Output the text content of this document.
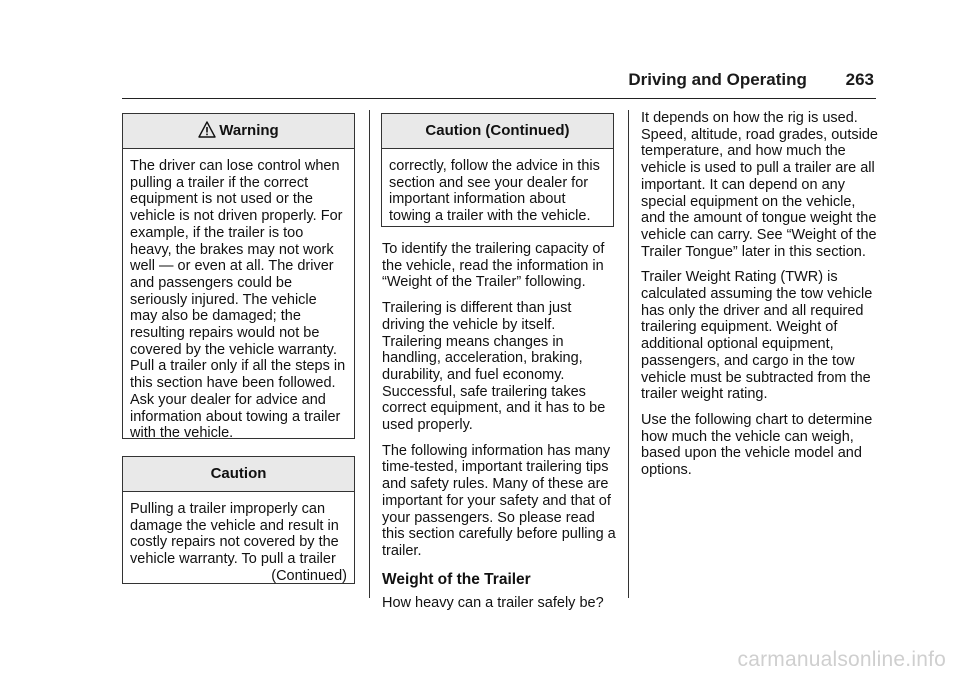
Driving and Operating 263
Warning
The driver can lose control when pulling a trailer if the correct equipment is not used or the vehicle is not driven properly. For example, if the trailer is too heavy, the brakes may not work well — or even at all. The driver and passengers could be seriously injured. The vehicle may also be damaged; the resulting repairs would not be covered by the vehicle warranty. Pull a trailer only if all the steps in this section have been followed. Ask your dealer for advice and information about towing a trailer with the vehicle.
Caution
Pulling a trailer improperly can damage the vehicle and result in costly repairs not covered by the vehicle warranty. To pull a trailer
(Continued)
Caution (Continued)
correctly, follow the advice in this section and see your dealer for important information about towing a trailer with the vehicle.

To identify the trailering capacity of the vehicle, read the information in “Weight of the Trailer” following.

Trailering is different than just driving the vehicle by itself. Trailering means changes in handling, acceleration, braking, durability, and fuel economy. Successful, safe trailering takes correct equipment, and it has to be used properly.

The following information has many time-tested, important trailering tips and safety rules. Many of these are important for your safety and that of your passengers. So please read this section carefully before pulling a trailer.

Weight of the Trailer

How heavy can a trailer safely be?

It depends on how the rig is used. Speed, altitude, road grades, outside temperature, and how much the vehicle is used to pull a trailer are all important. It can depend on any special equipment on the vehicle, and the amount of tongue weight the vehicle can carry. See “Weight of the Trailer Tongue” later in this section.

Trailer Weight Rating (TWR) is calculated assuming the tow vehicle has only the driver and all required trailering equipment. Weight of additional optional equipment, passengers, and cargo in the tow vehicle must be subtracted from the trailer weight rating.

Use the following chart to determine how much the vehicle can weigh, based upon the vehicle model and options.

carmanualsonline.info
